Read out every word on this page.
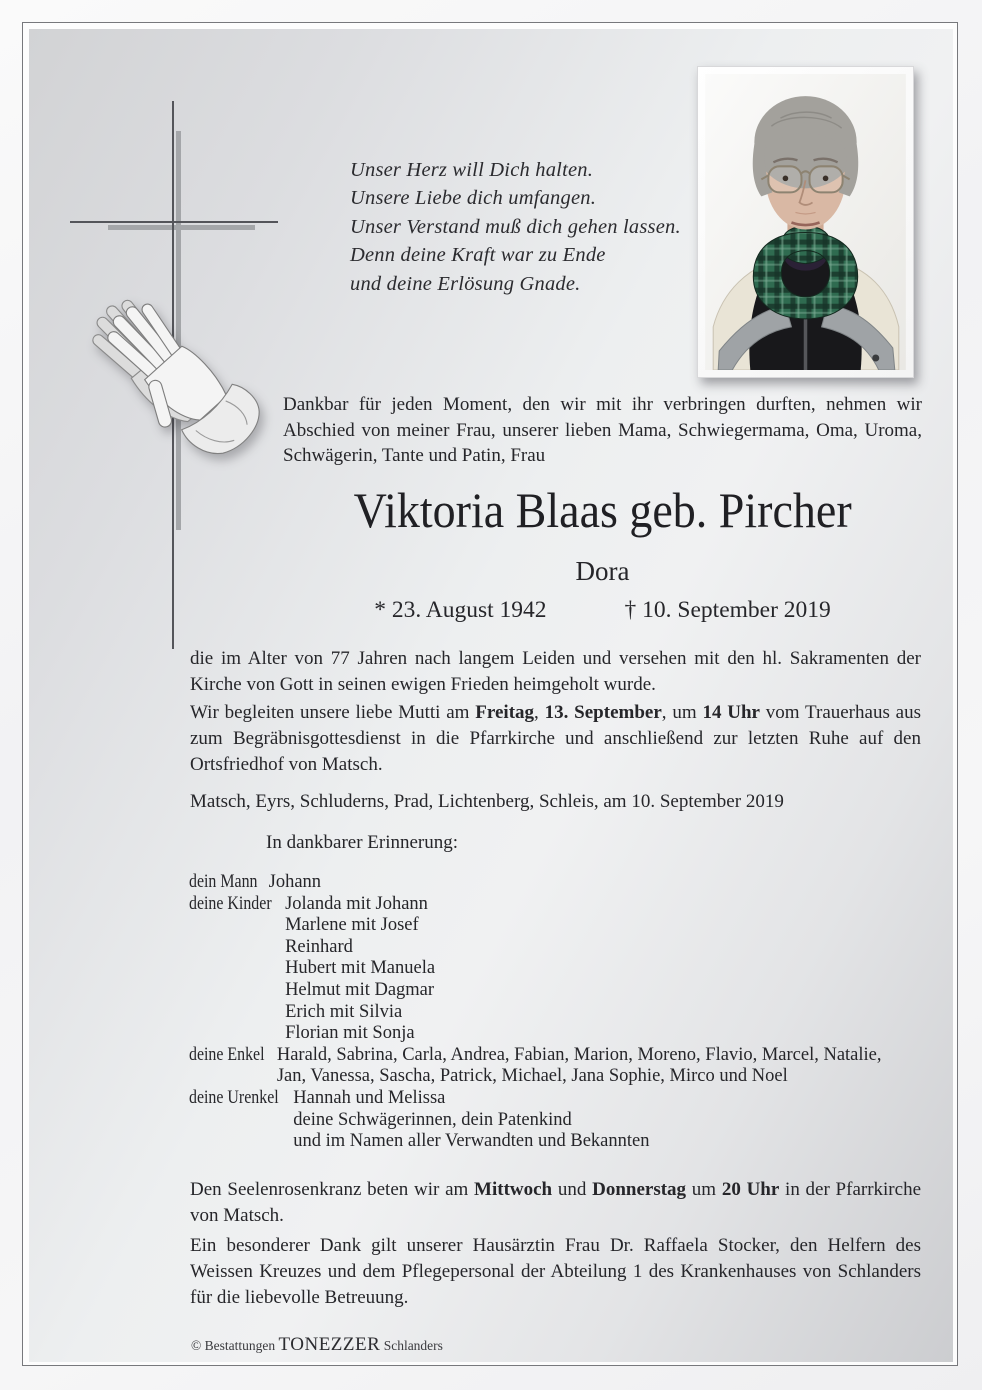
Unser Herz will Dich halten.
Unsere Liebe dich umfangen.
Unser Verstand muß dich gehen lassen.
Denn deine Kraft war zu Ende
und deine Erlösung Gnade.
Dankbar für jeden Moment, den wir mit ihr verbringen durften, nehmen wir Abschied von meiner Frau, unserer lieben Mama, Schwiegermama, Oma, Uroma, Schwägerin, Tante und Patin, Frau
Viktoria Blaas geb. Pircher
Dora
* 23. August 1942	† 10. September 2019
die im Alter von 77 Jahren nach langem Leiden und versehen mit den hl. Sakramenten der Kirche von Gott in seinen ewigen Frieden heimgeholt wurde.
Wir begleiten unsere liebe Mutti am Freitag, 13. September, um 14 Uhr vom Trauerhaus aus zum Begräbnisgottesdienst in die Pfarrkirche und anschließend zur letzten Ruhe auf den Ortsfriedhof von Matsch.
Matsch, Eyrs, Schluderns, Prad, Lichtenberg, Schleis, am 10. September 2019
In dankbarer Erinnerung:
dein Mann Johann
deine Kinder Jolanda mit Johann
Marlene mit Josef
Reinhard
Hubert mit Manuela
Helmut mit Dagmar
Erich mit Silvia
Florian mit Sonja
deine Enkel Harald, Sabrina, Carla, Andrea, Fabian, Marion, Moreno, Flavio, Marcel, Natalie,
Jan, Vanessa, Sascha, Patrick, Michael, Jana Sophie, Mirco und Noel
deine Urenkel Hannah und Melissa
deine Schwägerinnen, dein Patenkind
und im Namen aller Verwandten und Bekannten
Den Seelenrosenkranz beten wir am Mittwoch und Donnerstag um 20 Uhr in der Pfarrkirche von Matsch.
Ein besonderer Dank gilt unserer Hausärztin Frau Dr. Raffaela Stocker, den Helfern des Weissen Kreuzes und dem Pflegepersonal der Abteilung 1 des Krankenhauses von Schlanders für die liebevolle Betreuung.
© Bestattungen TONEZZER Schlanders
